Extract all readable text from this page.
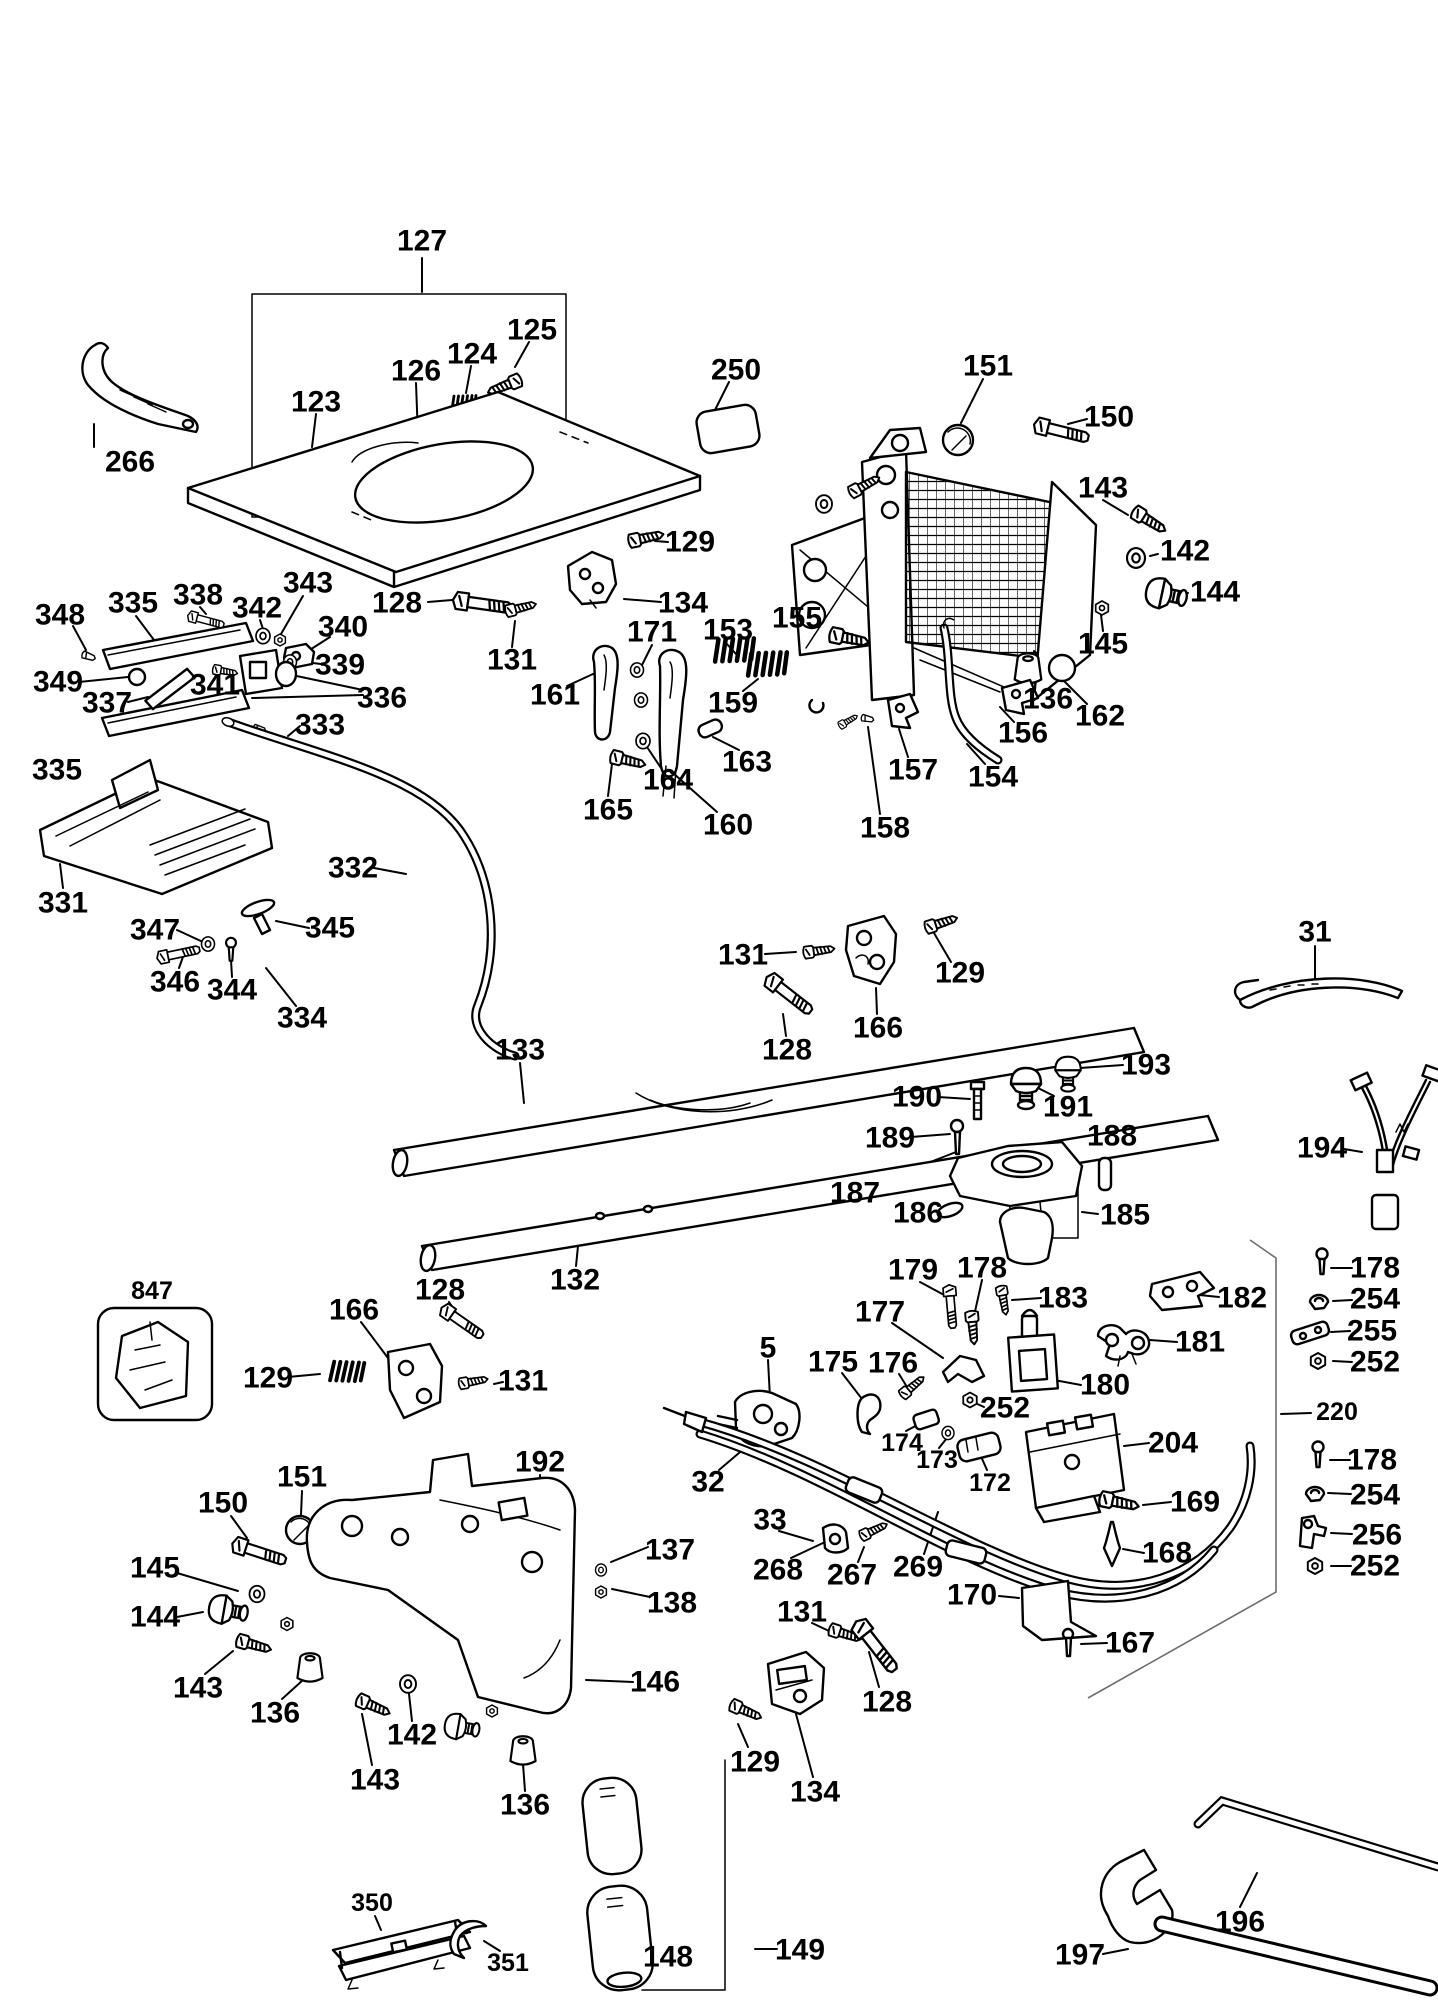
127
123
126
124
125
266
250	151
150
143
142
144
145
136
162
129
134
128
131
348 335 338 343
342
340
339
349
337
341	336
333
335
331
332
347	345
346 344
334
161
171 153 155
159
163
164
165 160
157 154
156
158
131
129
166
128
31
194
133
132
128
166
129	131
847
193
191
190
189	188
187
186	185
179 178
183	182
177
181
176
180
252
175
5
174
173
172
204
220
32
169
168
33
268 267 269
170
167
178
254
255
252
178
254
256
252
192
151
150
145
144
143
136
142
143
136
146
137
138	131
128
129
134
350
351	149
148
196
197
